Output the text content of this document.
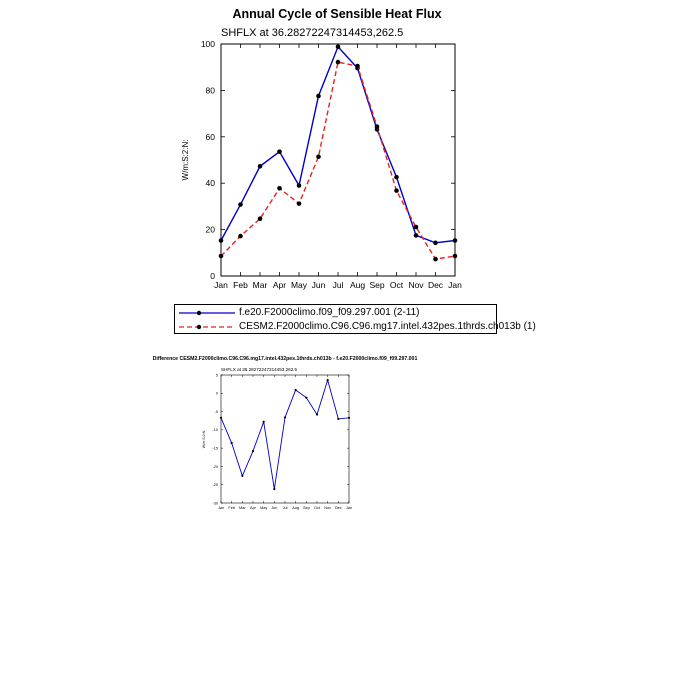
Annual Cycle of Sensible Heat Flux
SHFLX at 36.28272247314453,262.5
W/m:S:2:N:
0
20
40
60
80
100
Jan Feb Mar Apr May Jun Jul Aug Sep Oct Nov Dec Jan
Difference CESM2.F2000climo.C96.C96.mg17.intel.432pes.1thrds.ch013b - f.e20.F2000climo.f09_f09.297.001
SHFLX at 36.28272247314453,262.5
W/m:S:2:N:
-30
-25
-20
-15
-10
-5
0
5
Jan Feb Mar Apr May Jun Jul Aug Sep Oct Nov Dec Jan
f.e20.F2000climo.f09_f09.297.001 (2-11)
CESM2.F2000climo.C96.C96.mg17.intel.432pes.1thrds.ch013b (1)
